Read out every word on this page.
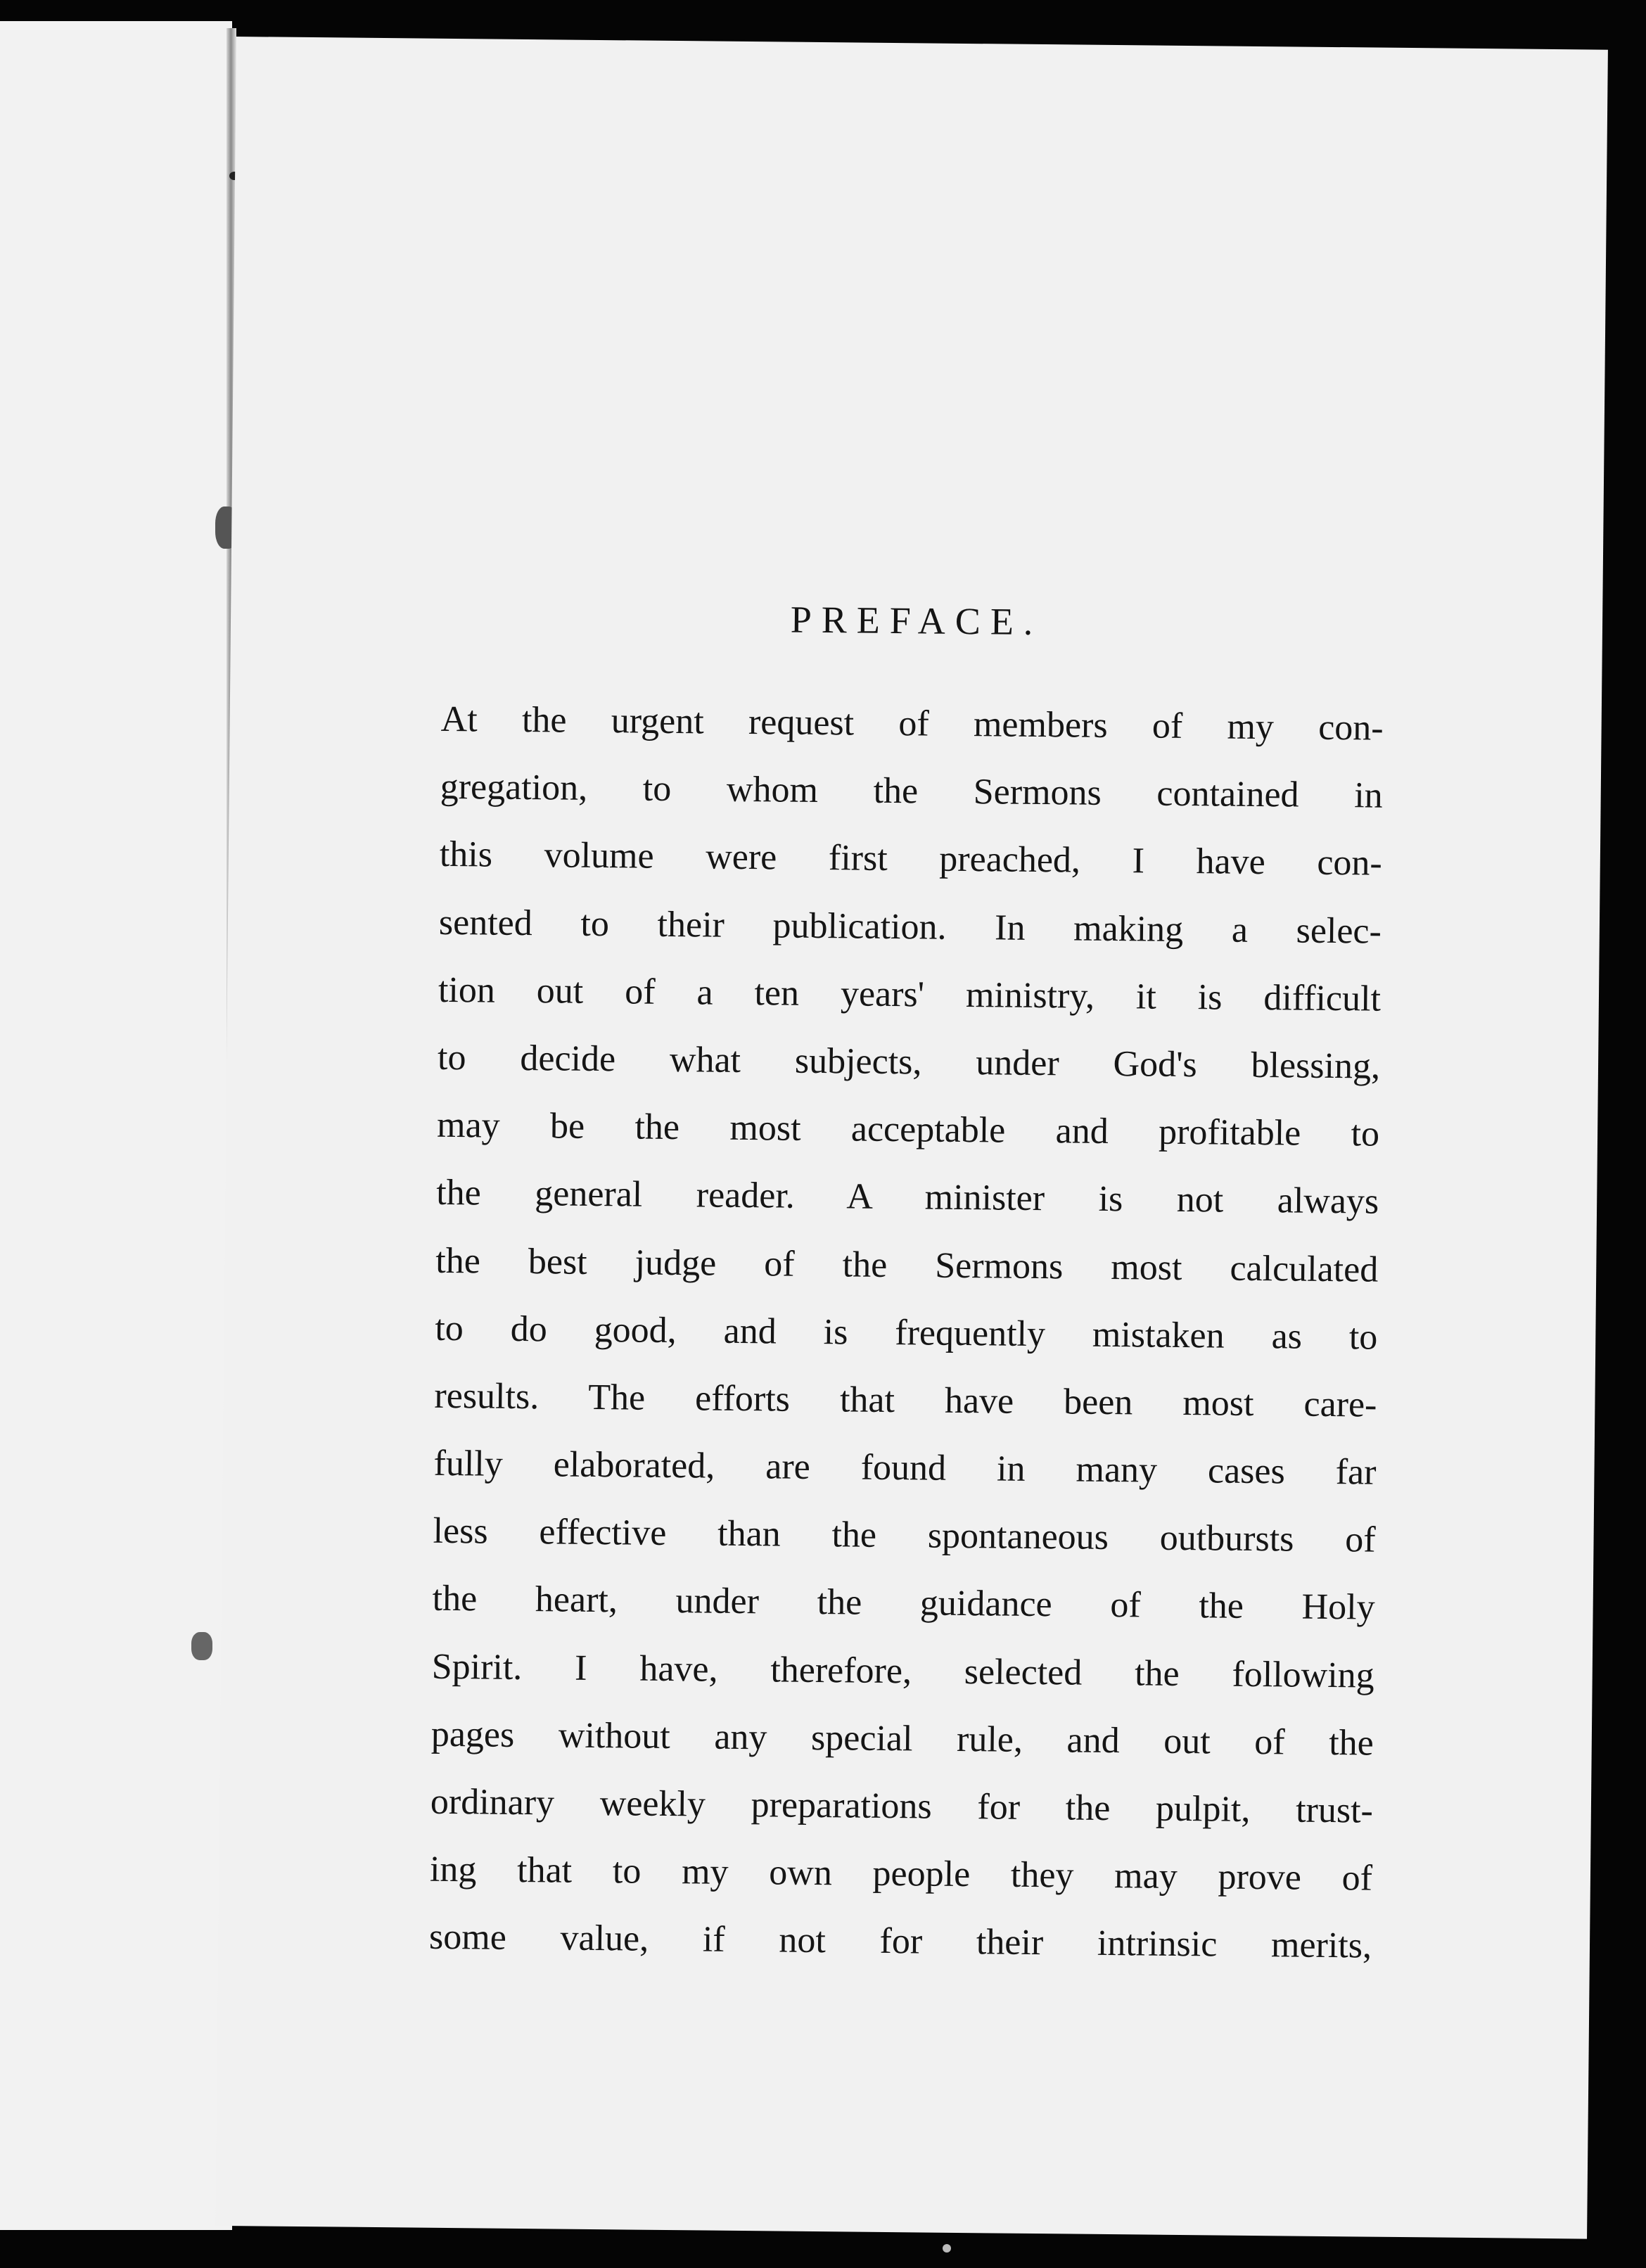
PREFACE.
At the urgent request of members of my con-
gregation, to whom the Sermons contained in
this volume were first preached, I have con-
sented to their publication. In making a selec-
tion out of a ten years' ministry, it is difficult
to decide what subjects, under God's blessing,
may be the most acceptable and profitable to
the general reader. A minister is not always
the best judge of the Sermons most calculated
to do good, and is frequently mistaken as to
results. The efforts that have been most care-
fully elaborated, are found in many cases far
less effective than the spontaneous outbursts of
the heart, under the guidance of the Holy
Spirit. I have, therefore, selected the following
pages without any special rule, and out of the
ordinary weekly preparations for the pulpit, trust-
ing that to my own people they may prove of
some value, if not for their intrinsic merits,
